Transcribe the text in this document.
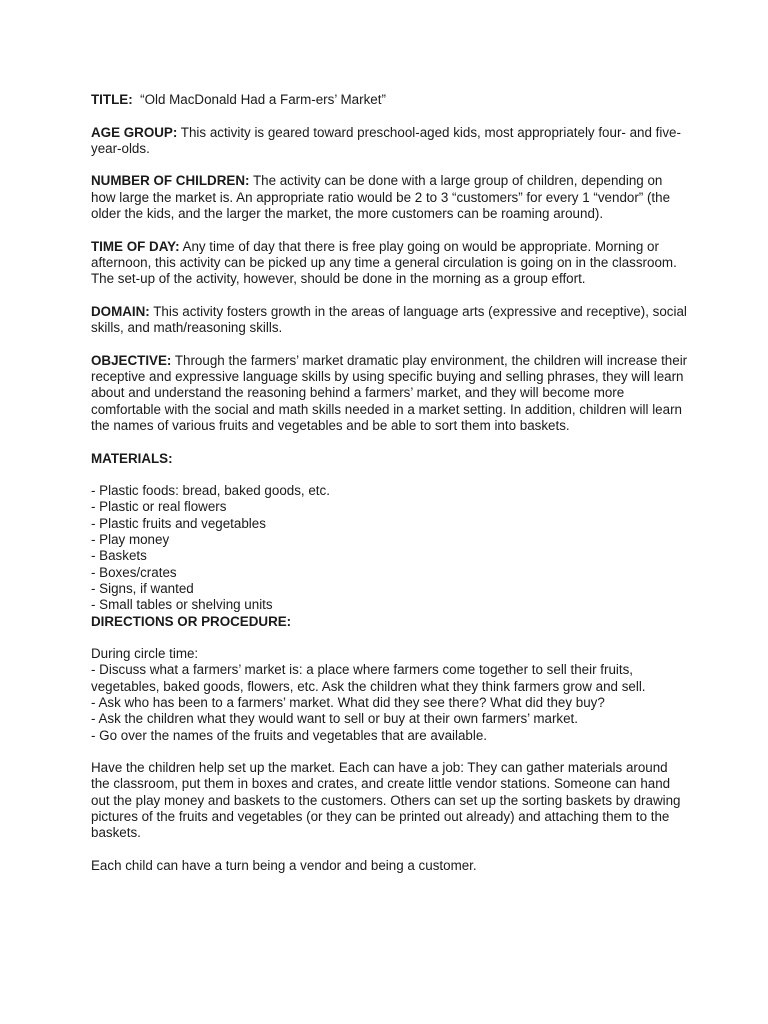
TITLE: “Old MacDonald Had a Farm-ers’ Market”

AGE GROUP: This activity is geared toward preschool-aged kids, most appropriately four- and five-year-olds.

NUMBER OF CHILDREN: The activity can be done with a large group of children, depending on how large the market is. An appropriate ratio would be 2 to 3 “customers” for every 1 “vendor” (the older the kids, and the larger the market, the more customers can be roaming around).

TIME OF DAY: Any time of day that there is free play going on would be appropriate. Morning or afternoon, this activity can be picked up any time a general circulation is going on in the classroom. The set-up of the activity, however, should be done in the morning as a group effort.

DOMAIN: This activity fosters growth in the areas of language arts (expressive and receptive), social skills, and math/reasoning skills.

OBJECTIVE: Through the farmers’ market dramatic play environment, the children will increase their receptive and expressive language skills by using specific buying and selling phrases, they will learn about and understand the reasoning behind a farmers’ market, and they will become more comfortable with the social and math skills needed in a market setting. In addition, children will learn the names of various fruits and vegetables and be able to sort them into baskets.

MATERIALS:

- Plastic foods: bread, baked goods, etc.
- Plastic or real flowers
- Plastic fruits and vegetables
- Play money
- Baskets
- Boxes/crates
- Signs, if wanted
- Small tables or shelving units

DIRECTIONS OR PROCEDURE:

During circle time:

- Discuss what a farmers’ market is: a place where farmers come together to sell their fruits, vegetables, baked goods, flowers, etc. Ask the children what they think farmers grow and sell.
- Ask who has been to a farmers’ market. What did they see there? What did they buy?
- Ask the children what they would want to sell or buy at their own farmers’ market.
- Go over the names of the fruits and vegetables that are available.

Have the children help set up the market. Each can have a job: They can gather materials around the classroom, put them in boxes and crates, and create little vendor stations. Someone can hand out the play money and baskets to the customers. Others can set up the sorting baskets by drawing pictures of the fruits and vegetables (or they can be printed out already) and attaching them to the baskets.

Each child can have a turn being a vendor and being a customer.
